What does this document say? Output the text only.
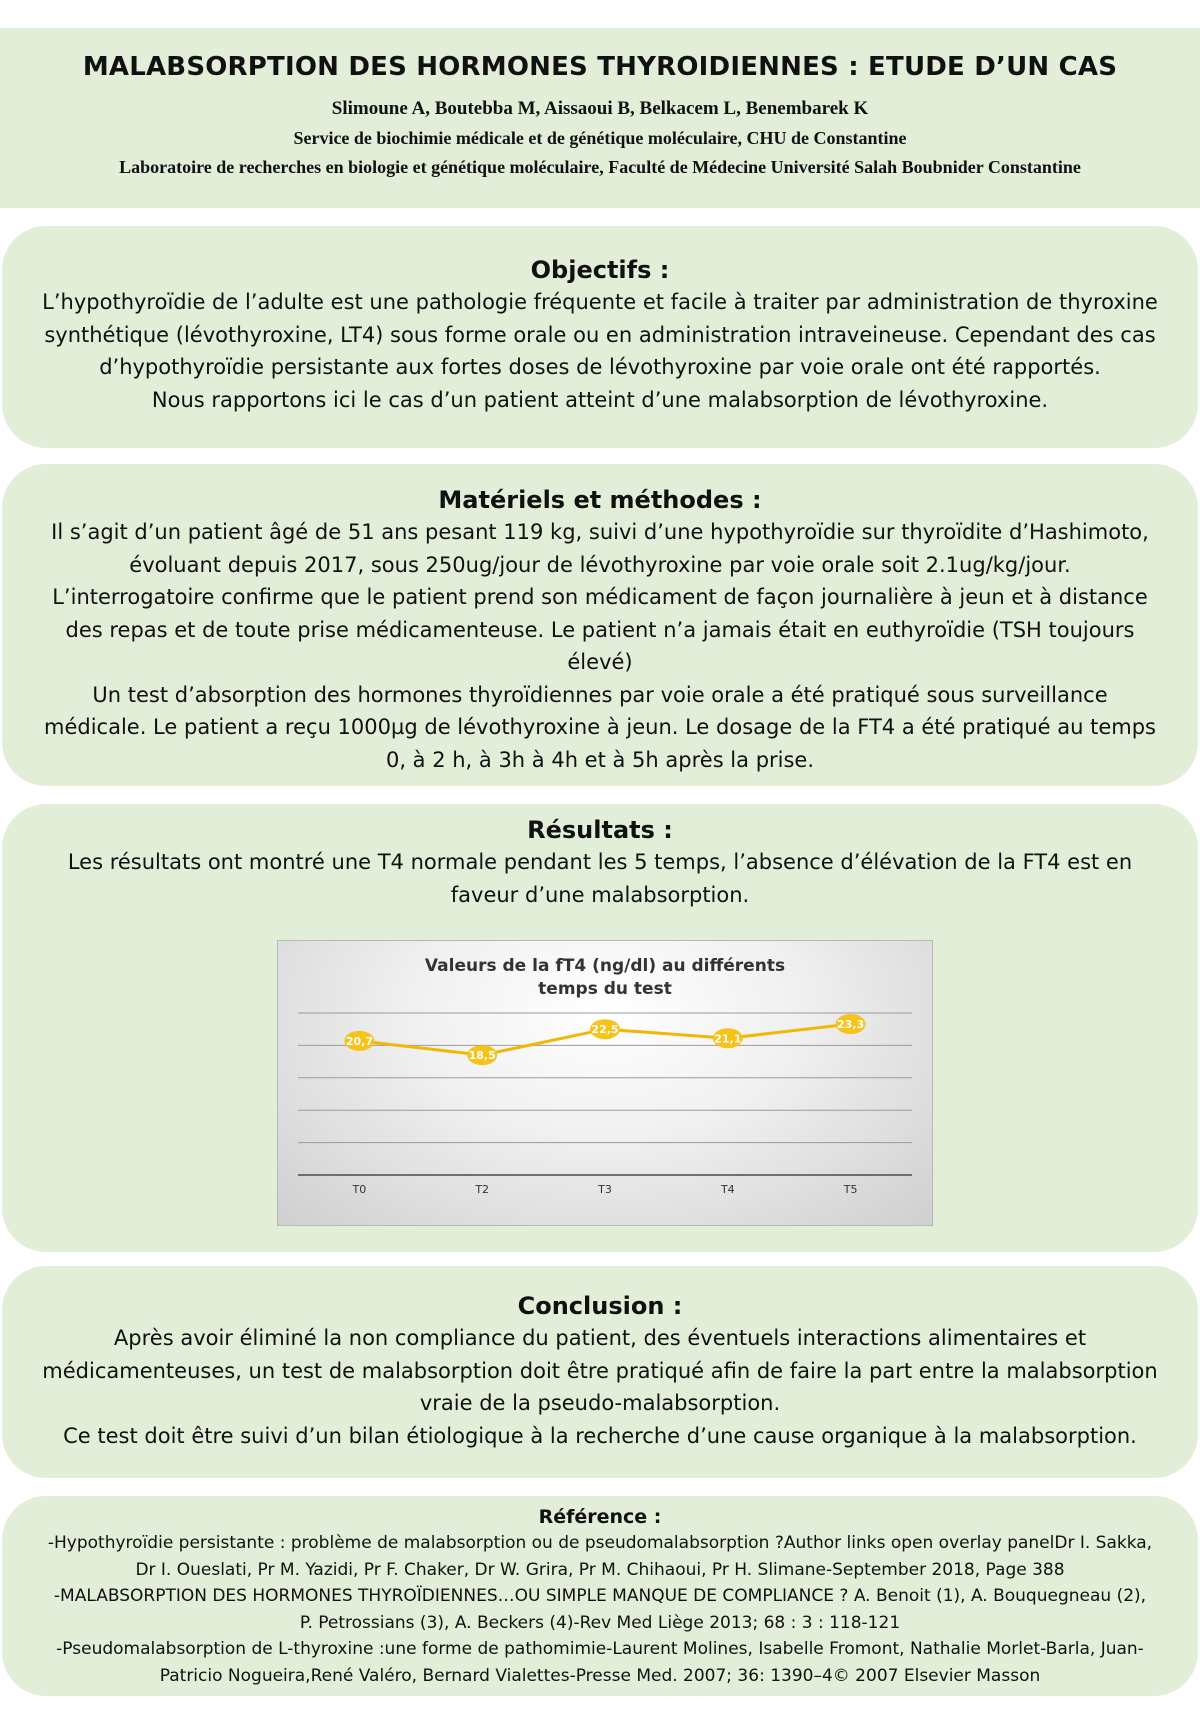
MALABSORPTION DES HORMONES THYROIDIENNES : ETUDE D’UN CAS
Slimoune A, Boutebba M, Aissaoui B, Belkacem L, Benembarek K
Service de biochimie médicale et de génétique moléculaire, CHU de Constantine
Laboratoire de recherches en biologie et génétique moléculaire, Faculté de Médecine Université Salah Boubnider Constantine
Objectifs :

L’hypothyroïdie de l’adulte est une pathologie fréquente et facile à traiter par administration de thyroxine

synthétique (lévothyroxine, LT4) sous forme orale ou en administration intraveineuse. Cependant des cas

d’hypothyroïdie persistante aux fortes doses de lévothyroxine par voie orale ont été rapportés.

Nous rapportons ici le cas d’un patient atteint d’une malabsorption de lévothyroxine.

Matériels et méthodes :

Il s’agit d’un patient âgé de 51 ans pesant 119 kg, suivi d’une hypothyroïdie sur thyroïdite d’Hashimoto,

évoluant depuis 2017, sous 250ug/jour de lévothyroxine par voie orale soit 2.1ug/kg/jour.

L’interrogatoire confirme que le patient prend son médicament de façon journalière à jeun et à distance

des repas et de toute prise médicamenteuse. Le patient n’a jamais était en euthyroïdie (TSH toujours

élevé)

Un test d’absorption des hormones thyroïdiennes par voie orale a été pratiqué sous surveillance

médicale. Le patient a reçu 1000µg de lévothyroxine à jeun. Le dosage de la FT4 a été pratiqué au temps

0, à 2 h, à 3h à 4h et à 5h après la prise.

Résultats :

Les résultats ont montré une T4 normale pendant les 5 temps, l’absence d’élévation de la FT4 est en

faveur d’une malabsorption.

Valeurs de la fT4 (ng/dl) au différents
temps du test
T0	T2	T3	T4	T5
20,7
18,5
22,5
21,1
23,3
Conclusion :

Après avoir éliminé la non compliance du patient, des éventuels interactions alimentaires et

médicamenteuses, un test de malabsorption doit être pratiqué afin de faire la part entre la malabsorption

vraie de la pseudo-malabsorption.

Ce test doit être suivi d’un bilan étiologique à la recherche d’une cause organique à la malabsorption.

Référence :

-Hypothyroïdie persistante : problème de malabsorption ou de pseudomalabsorption ?Author links open overlay panelDr I. Sakka,

Dr I. Oueslati, Pr M. Yazidi, Pr F. Chaker, Dr W. Grira, Pr M. Chihaoui, Pr H. Slimane-September 2018, Page 388

-MALABSORPTION DES HORMONES THYROÏDIENNES…OU SIMPLE MANQUE DE COMPLIANCE ? A. Benoit (1), A. Bouquegneau (2),

P. Petrossians (3), A. Beckers (4)-Rev Med Liège 2013; 68 : 3 : 118-121

-Pseudomalabsorption de L-thyroxine :une forme de pathomimie-Laurent Molines, Isabelle Fromont, Nathalie Morlet-Barla, Juan-

Patricio Nogueira,René Valéro, Bernard Vialettes-Presse Med. 2007; 36: 1390–4© 2007 Elsevier Masson
